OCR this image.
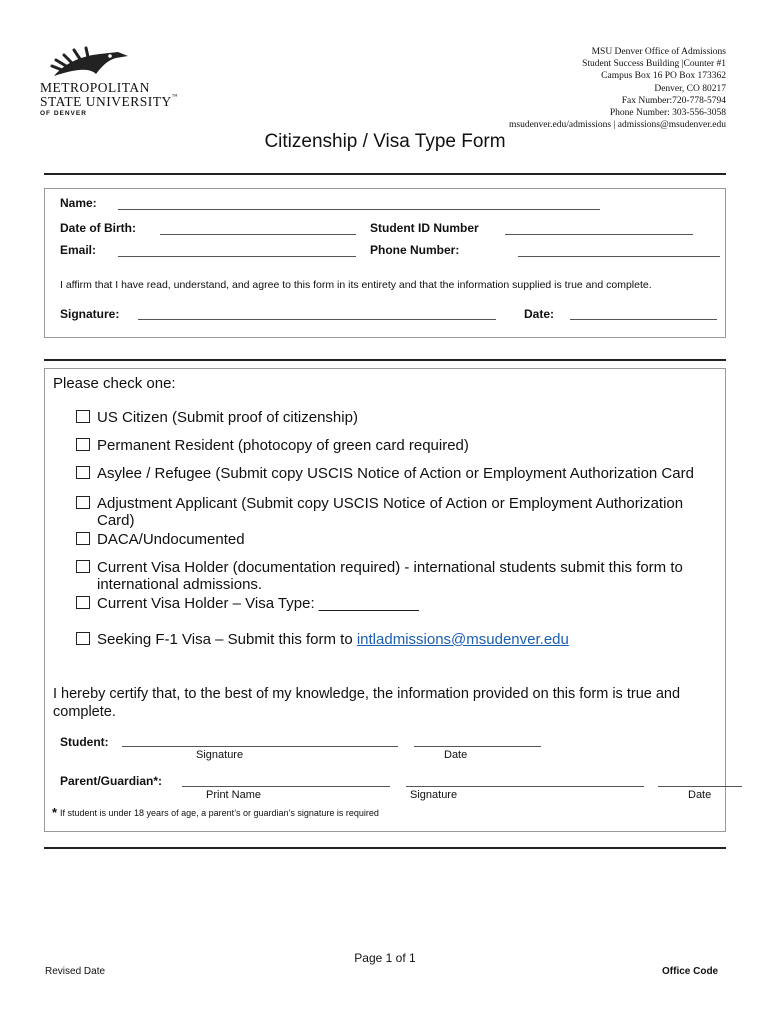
METROPOLITAN
STATE UNIVERSITY™
OF DENVER
MSU Denver Office of Admissions
Student Success Building |Counter #1
Campus Box 16 PO Box 173362
Denver, CO 80217
Fax Number:720-778-5794
Phone Number: 303-556-3058
msudenver.edu/admissions | admissions@msudenver.edu
Citizenship / Visa Type Form
Name:
Date of Birth:	Student ID Number
Email:	Phone Number:
I affirm that I have read, understand, and agree to this form in its entirety and that the information supplied is true and complete.
Signature:	Date:
Please check one:
US Citizen (Submit proof of citizenship)
Permanent Resident (photocopy of green card required)
Asylee / Refugee (Submit copy USCIS Notice of Action or Employment Authorization Card
Adjustment Applicant (Submit copy USCIS Notice of Action or Employment Authorization
Card)
DACA/Undocumented
Current Visa Holder (documentation required) - international students submit this form to
international admissions.
Current Visa Holder – Visa Type: ____________
Seeking F-1 Visa – Submit this form to intladmissions@msudenver.edu
I hereby certify that, to the best of my knowledge, the information provided on this form is true and
complete.
Student:
Signature	Date
Parent/Guardian*:
Print Name	Signature	Date
* If student is under 18 years of age, a parent’s or guardian’s signature is required
Page 1 of 1
Revised Date	Office Code
